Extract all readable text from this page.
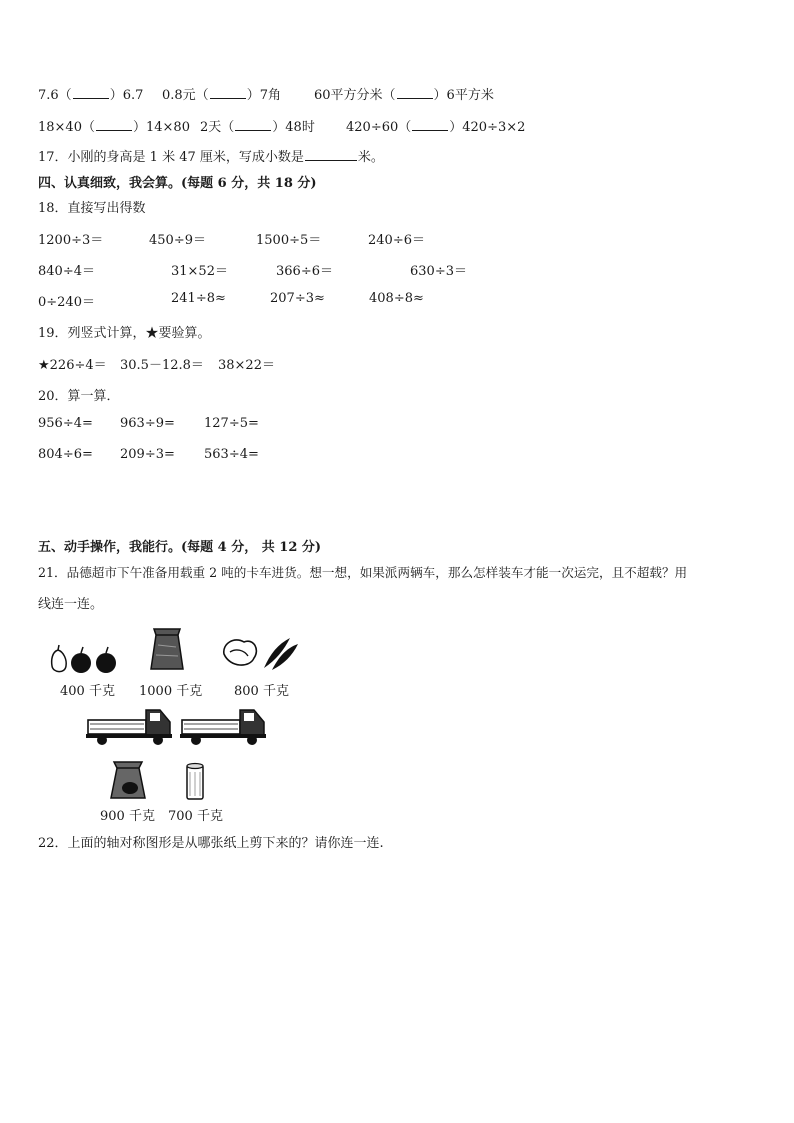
7.6（	）6.7 0.8元（	）7角	60平方分米（	）6平方米
18×40（	）14×80 2天（	）48时 420÷60（	）420÷3×2
17．小刚的身高是 1 米 47 厘米，写成小数是	米。
四、认真细致，我会算。(每题 6 分，共 18 分)
18．直接写出得数
1200÷3＝	450÷9＝	1500÷5＝	240÷6＝
840÷4＝	31×52＝	366÷6＝	630÷3＝
0÷240＝	241÷8≈	207÷3≈	408÷8≈
19．列竖式计算，★要验算。
★226÷4＝ 30.5－12.8＝ 38×22＝
20．算一算．
956÷4= 963÷9= 127÷5=
804÷6= 209÷3= 563÷4=
五、动手操作，我能行。(每题 4 分， 共 12 分)
21．品德超市下午准备用载重 2 吨的卡车进货。想一想，如果派两辆车，那么怎样装车才能一次运完，且不超载？用
线连一连。
400 千克 1000 千克 800 千克
900 千克 700 千克
22．上面的轴对称图形是从哪张纸上剪下来的？请你连一连.
